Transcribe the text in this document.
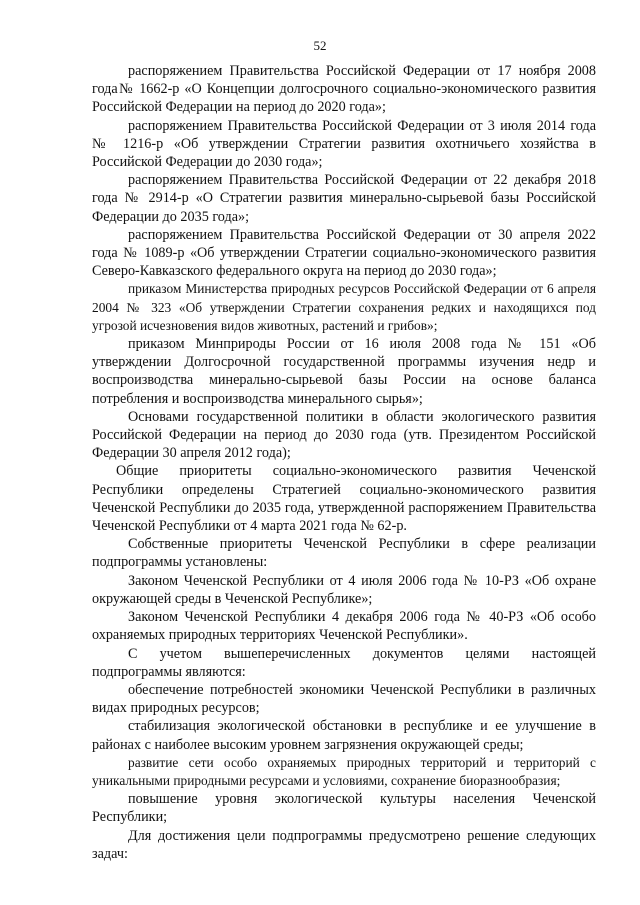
52

распоряжением Правительства Российской Федерации от 17 ноября 2008 года№ 1662-р «О Концепции долгосрочного социально-экономического развития Российской Федерации на период до 2020 года»;

распоряжением Правительства Российской Федерации от 3 июля 2014 года № 1216-р «Об утверждении Стратегии развития охотничьего хозяйства в Российской Федерации до 2030 года»;

распоряжением Правительства Российской Федерации от 22 декабря 2018 года № 2914-р «О Стратегии развития минерально-сырьевой базы Российской Федерации до 2035 года»;

распоряжением Правительства Российской Федерации от 30 апреля 2022 года № 1089-р «Об утверждении Стратегии социально-экономического развития Северо-Кавказского федерального округа на период до 2030 года»;

приказом Министерства природных ресурсов Российской Федерации от 6 апреля 2004 № 323 «Об утверждении Стратегии сохранения редких и находящихся под угрозой исчезновения видов животных, растений и грибов»;

приказом Минприроды России от 16 июля 2008 года № 151 «Об утверждении Долгосрочной государственной программы изучения недр и воспроизводства минерально-сырьевой базы России на основе баланса потребления и воспроизводства минерального сырья»;

Основами государственной политики в области экологического развития Российской Федерации на период до 2030 года (утв. Президентом Российской Федерации 30 апреля 2012 года);

Общие приоритеты социально-экономического развития Чеченской Республики определены Стратегией социально-экономического развития Чеченской Республики до 2035 года, утвержденной распоряжением Правительства Чеченской Республики от 4 марта 2021 года № 62-р.

Собственные приоритеты Чеченской Республики в сфере реализации подпрограммы установлены:

Законом Чеченской Республики от 4 июля 2006 года № 10-РЗ «Об охране окружающей среды в Чеченской Республике»;

Законом Чеченской Республики 4 декабря 2006 года № 40-РЗ «Об особо охраняемых природных территориях Чеченской Республики».

С учетом вышеперечисленных документов целями настоящей подпрограммы являются:

обеспечение потребностей экономики Чеченской Республики в различных видах природных ресурсов;

стабилизация экологической обстановки в республике и ее улучшение в районах с наиболее высоким уровнем загрязнения окружающей среды;

развитие сети особо охраняемых природных территорий и территорий с уникальными природными ресурсами и условиями, сохранение биоразнообразия;

повышение уровня экологической культуры населения Чеченской Республики;

Для достижения цели подпрограммы предусмотрено решение следующих задач:
